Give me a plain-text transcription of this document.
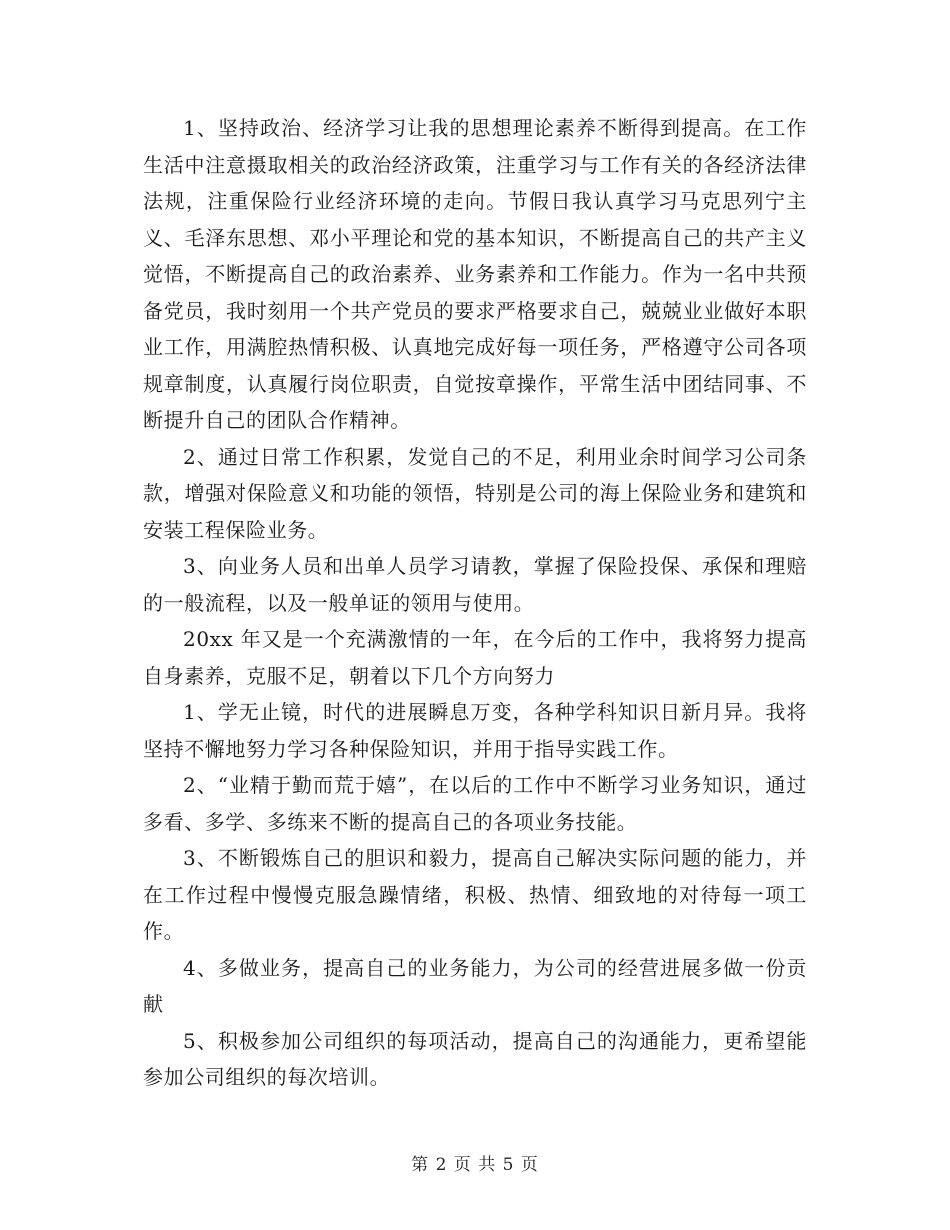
1、坚持政治、经济学习让我的思想理论素养不断得到提高。在工作生活中注意摄取相关的政治经济政策，注重学习与工作有关的各经济法律法规，注重保险行业经济环境的走向。节假日我认真学习马克思列宁主义、毛泽东思想、邓小平理论和党的基本知识，不断提高自己的共产主义觉悟，不断提高自己的政治素养、业务素养和工作能力。作为一名中共预备党员，我时刻用一个共产党员的要求严格要求自己，兢兢业业做好本职业工作，用满腔热情积极、认真地完成好每一项任务，严格遵守公司各项规章制度，认真履行岗位职责，自觉按章操作，平常生活中团结同事、不断提升自己的团队合作精神。

2、通过日常工作积累，发觉自己的不足，利用业余时间学习公司条款，增强对保险意义和功能的领悟，特别是公司的海上保险业务和建筑和安装工程保险业务。

3、向业务人员和出单人员学习请教，掌握了保险投保、承保和理赔的一般流程，以及一般单证的领用与使用。

20xx 年又是一个充满激情的一年，在今后的工作中，我将努力提高自身素养，克服不足，朝着以下几个方向努力

1、学无止镜，时代的进展瞬息万变，各种学科知识日新月异。我将坚持不懈地努力学习各种保险知识，并用于指导实践工作。

2、“业精于勤而荒于嬉”，在以后的工作中不断学习业务知识，通过多看、多学、多练来不断的提高自己的各项业务技能。

3、不断锻炼自己的胆识和毅力，提高自己解决实际问题的能力，并在工作过程中慢慢克服急躁情绪，积极、热情、细致地的对待每一项工作。

4、多做业务，提高自己的业务能力，为公司的经营进展多做一份贡献

5、积极参加公司组织的每项活动，提高自己的沟通能力，更希望能参加公司组织的每次培训。

第 2 页 共 5 页
